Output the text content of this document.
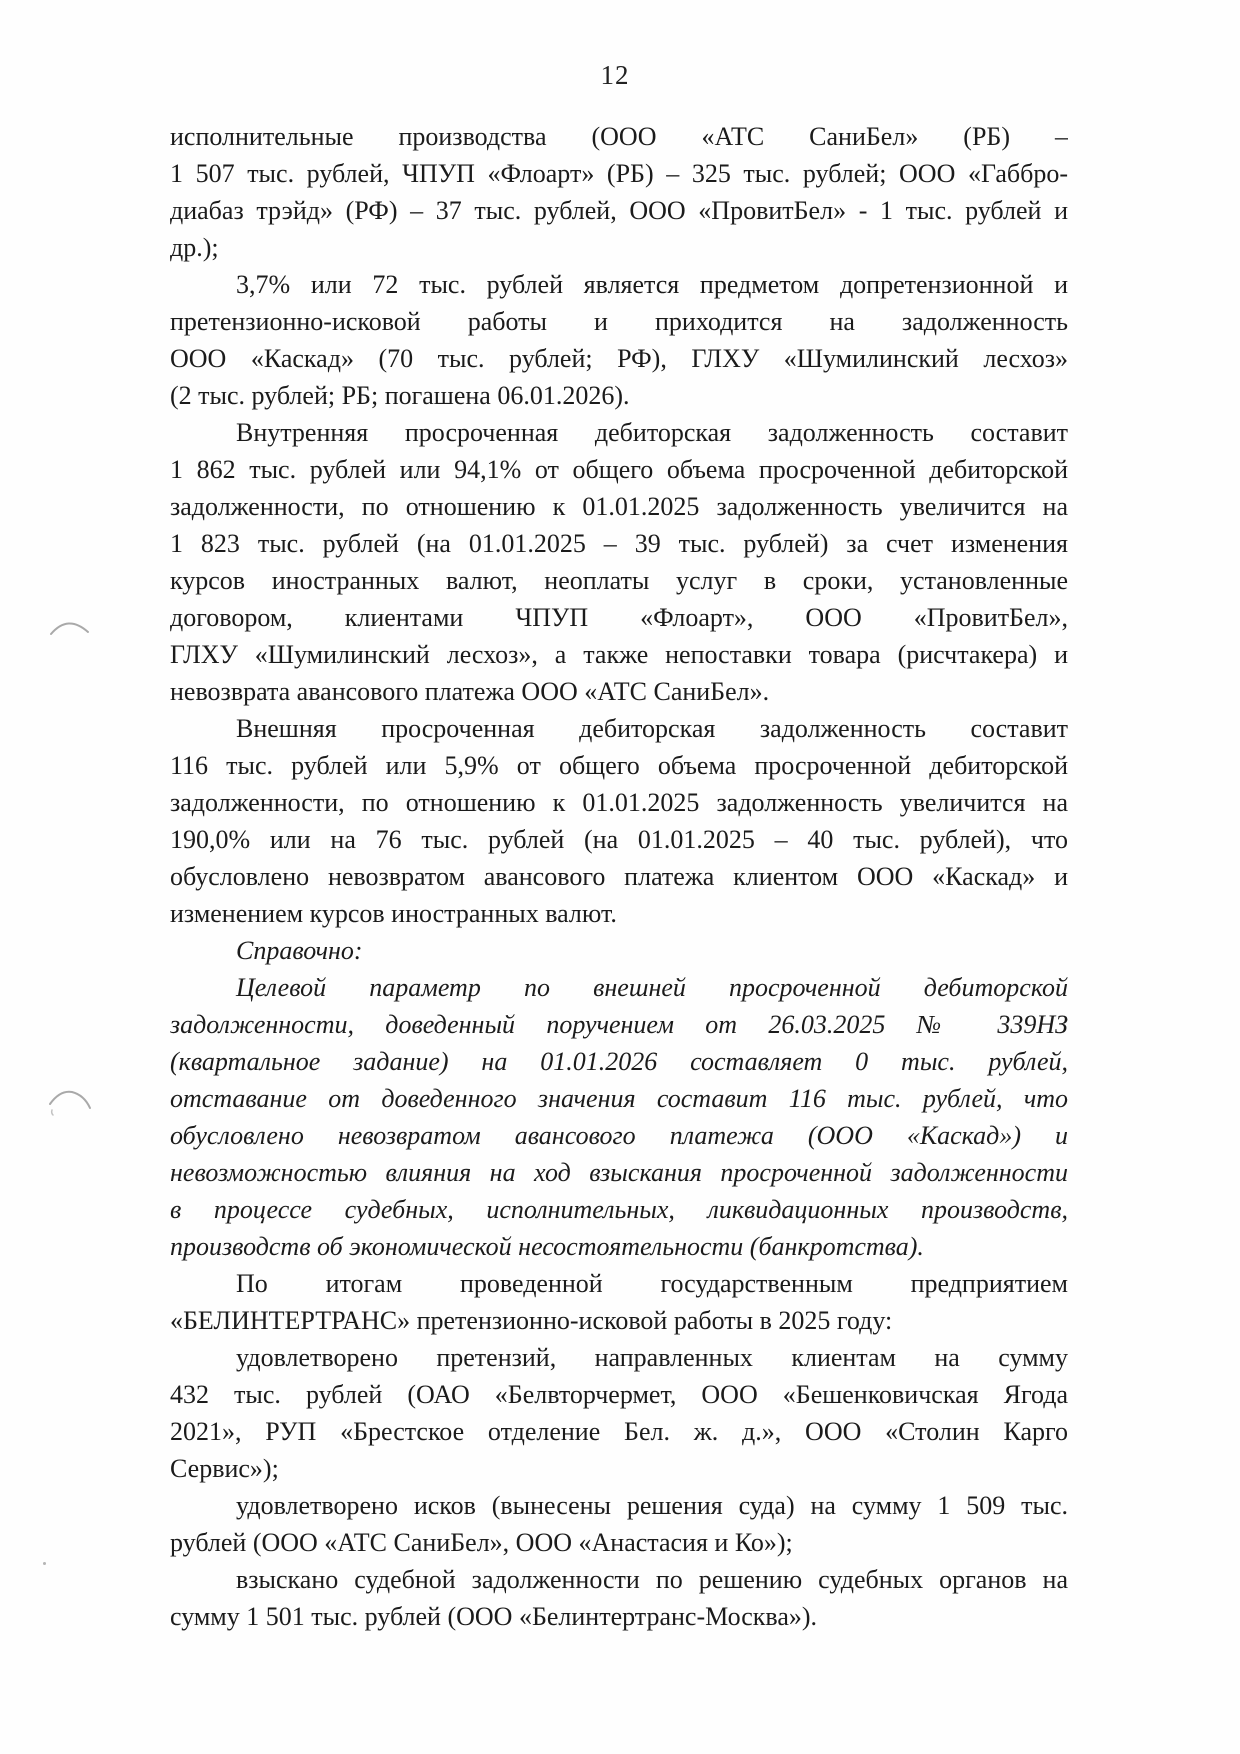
12

исполнительные производства (ООО «АТС СаниБел» (РБ) –
1 507 тыс. рублей, ЧПУП «Флоарт» (РБ) – 325 тыс. рублей; ООО «Габбро-
диабаз трэйд» (РФ) – 37 тыс. рублей, ООО «ПровитБел» - 1 тыс. рублей и
др.);

3,7% или 72 тыс. рублей является предметом допретензионной и
претензионно-исковой работы и приходится на задолженность
ООО «Каскад» (70 тыс. рублей; РФ), ГЛХУ «Шумилинский лесхоз»
(2 тыс. рублей; РБ; погашена 06.01.2026).

Внутренняя просроченная дебиторская задолженность составит
1 862 тыс. рублей или 94,1% от общего объема просроченной дебиторской
задолженности, по отношению к 01.01.2025 задолженность увеличится на
1 823 тыс. рублей (на 01.01.2025 – 39 тыс. рублей) за счет изменения
курсов иностранных валют, неоплаты услуг в сроки, установленные
договором, клиентами ЧПУП «Флоарт», ООО «ПровитБел»,
ГЛХУ «Шумилинский лесхоз», а также непоставки товара (рисчтакера) и
невозврата авансового платежа ООО «АТС СаниБел».

Внешняя просроченная дебиторская задолженность составит
116 тыс. рублей или 5,9% от общего объема просроченной дебиторской
задолженности, по отношению к 01.01.2025 задолженность увеличится на
190,0% или на 76 тыс. рублей (на 01.01.2025 – 40 тыс. рублей), что
обусловлено невозвратом авансового платежа клиентом ООО «Каскад» и
изменением курсов иностранных валют.

Справочно:

Целевой параметр по внешней просроченной дебиторской
задолженности, доведенный поручением от 26.03.2025 № 339НЗ
(квартальное задание) на 01.01.2026 составляет 0 тыс. рублей,
отставание от доведенного значения составит 116 тыс. рублей, что
обусловлено невозвратом авансового платежа (ООО «Каскад») и
невозможностью влияния на ход взыскания просроченной задолженности
в процессе судебных, исполнительных, ликвидационных производств,
производств об экономической несостоятельности (банкротства).

По итогам проведенной государственным предприятием
«БЕЛИНТЕРТРАНС» претензионно-исковой работы в 2025 году:

удовлетворено претензий, направленных клиентам на сумму
432 тыс. рублей (ОАО «Белвторчермет, ООО «Бешенковичская Ягода
2021», РУП «Брестское отделение Бел. ж. д.», ООО «Столин Карго
Сервис»);

удовлетворено исков (вынесены решения суда) на сумму 1 509 тыс.
рублей (ООО «АТС СаниБел», ООО «Анастасия и Ко»);

взыскано судебной задолженности по решению судебных органов на
сумму 1 501 тыс. рублей (ООО «Белинтертранс-Москва»).
